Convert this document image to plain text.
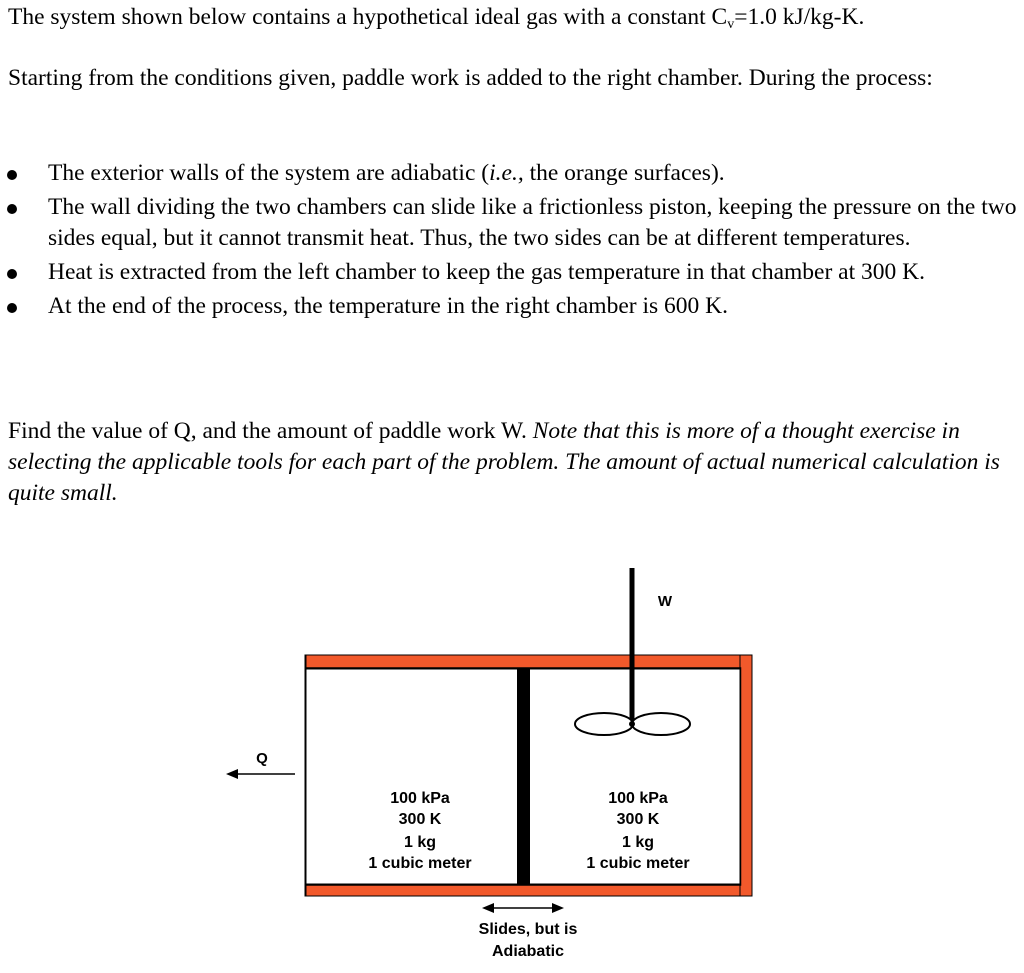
The system shown below contains a hypothetical ideal gas with a constant $C_v=1.0$ kJ/kg-K.

Starting from the conditions given, paddle work is added to the right chamber. During the process:

The exterior walls of the system are adiabatic (i.e., the orange surfaces).
The wall dividing the two chambers can slide like a frictionless piston, keeping the pressure on the two sides equal, but it cannot transmit heat. Thus, the two sides can be at different temperatures.
Heat is extracted from the left chamber to keep the gas temperature in that chamber at 300 K.
At the end of the process, the temperature in the right chamber is 600 K.

Find the value of Q, and the amount of paddle work W. Note that this is more of a thought exercise in selecting the applicable tools for each part of the problem. The amount of actual numerical calculation is quite small.

W
Q
100 kPa
300 K
1 kg
1 cubic meter
100 kPa
300 K
1 kg
1 cubic meter
Slides, but is
Adiabatic
